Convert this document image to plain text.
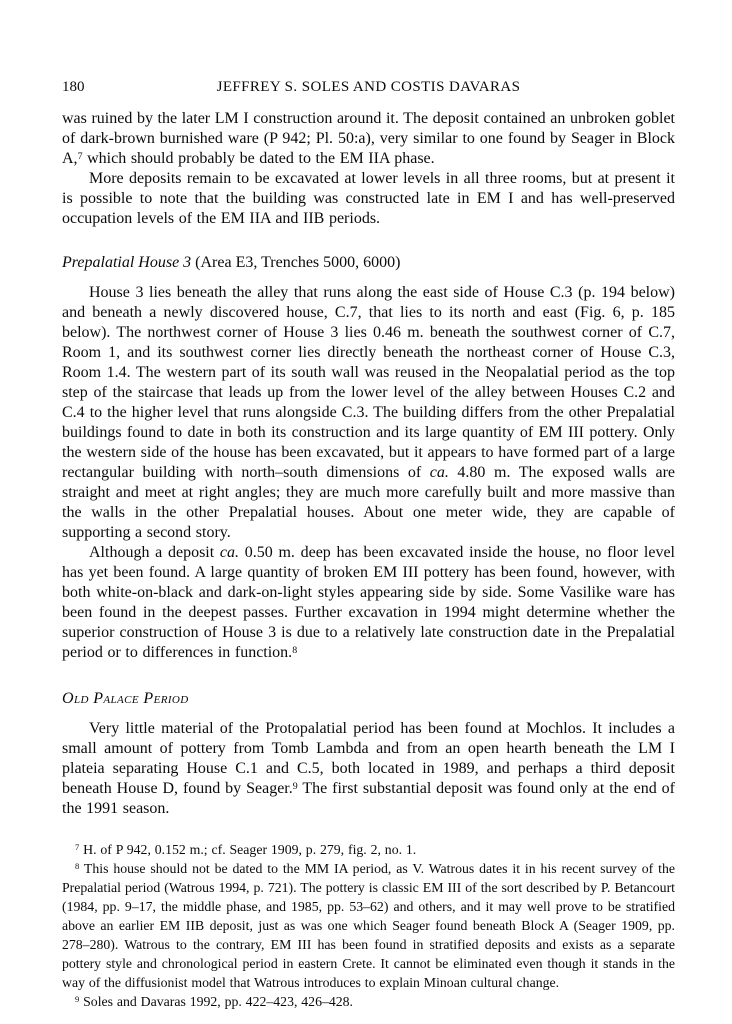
180	JEFFREY S. SOLES AND COSTIS DAVARAS

was ruined by the later LM I construction around it. The deposit contained an unbroken goblet of dark-brown burnished ware (P 942; Pl. 50:a), very similar to one found by Seager in Block A,$^7$ which should probably be dated to the EM IIA phase.

More deposits remain to be excavated at lower levels in all three rooms, but at present it is possible to note that the building was constructed late in EM I and has well-preserved occupation levels of the EM IIA and IIB periods.

Prepalatial House 3 (Area E3, Trenches 5000, 6000)

House 3 lies beneath the alley that runs along the east side of House C.3 (p. 194 below) and beneath a newly discovered house, C.7, that lies to its north and east (Fig. 6, p. 185 below). The northwest corner of House 3 lies 0.46 m. beneath the southwest corner of C.7, Room 1, and its southwest corner lies directly beneath the northeast corner of House C.3, Room 1.4. The western part of its south wall was reused in the Neopalatial period as the top step of the staircase that leads up from the lower level of the alley between Houses C.2 and C.4 to the higher level that runs alongside C.3. The building differs from the other Prepalatial buildings found to date in both its construction and its large quantity of EM III pottery. Only the western side of the house has been excavated, but it appears to have formed part of a large rectangular building with north–south dimensions of ca. 4.80 m. The exposed walls are straight and meet at right angles; they are much more carefully built and more massive than the walls in the other Prepalatial houses. About one meter wide, they are capable of supporting a second story.

Although a deposit ca. 0.50 m. deep has been excavated inside the house, no floor level has yet been found. A large quantity of broken EM III pottery has been found, however, with both white-on-black and dark-on-light styles appearing side by side. Some Vasilike ware has been found in the deepest passes. Further excavation in 1994 might determine whether the superior construction of House 3 is due to a relatively late construction date in the Prepalatial period or to differences in function.$^8$

Old Palace Period

Very little material of the Protopalatial period has been found at Mochlos. It includes a small amount of pottery from Tomb Lambda and from an open hearth beneath the LM I plateia separating House C.1 and C.5, both located in 1989, and perhaps a third deposit beneath House D, found by Seager.$^9$ The first substantial deposit was found only at the end of the 1991 season.

$^7$ H. of P 942, 0.152 m.; cf. Seager 1909, p. 279, fig. 2, no. 1.

$^8$ This house should not be dated to the MM IA period, as V. Watrous dates it in his recent survey of the Prepalatial period (Watrous 1994, p. 721). The pottery is classic EM III of the sort described by P. Betancourt (1984, pp. 9–17, the middle phase, and 1985, pp. 53–62) and others, and it may well prove to be stratified above an earlier EM IIB deposit, just as was one which Seager found beneath Block A (Seager 1909, pp. 278–280). Watrous to the contrary, EM III has been found in stratified deposits and exists as a separate pottery style and chronological period in eastern Crete. It cannot be eliminated even though it stands in the way of the diffusionist model that Watrous introduces to explain Minoan cultural change.

$^9$ Soles and Davaras 1992, pp. 422–423, 426–428.
